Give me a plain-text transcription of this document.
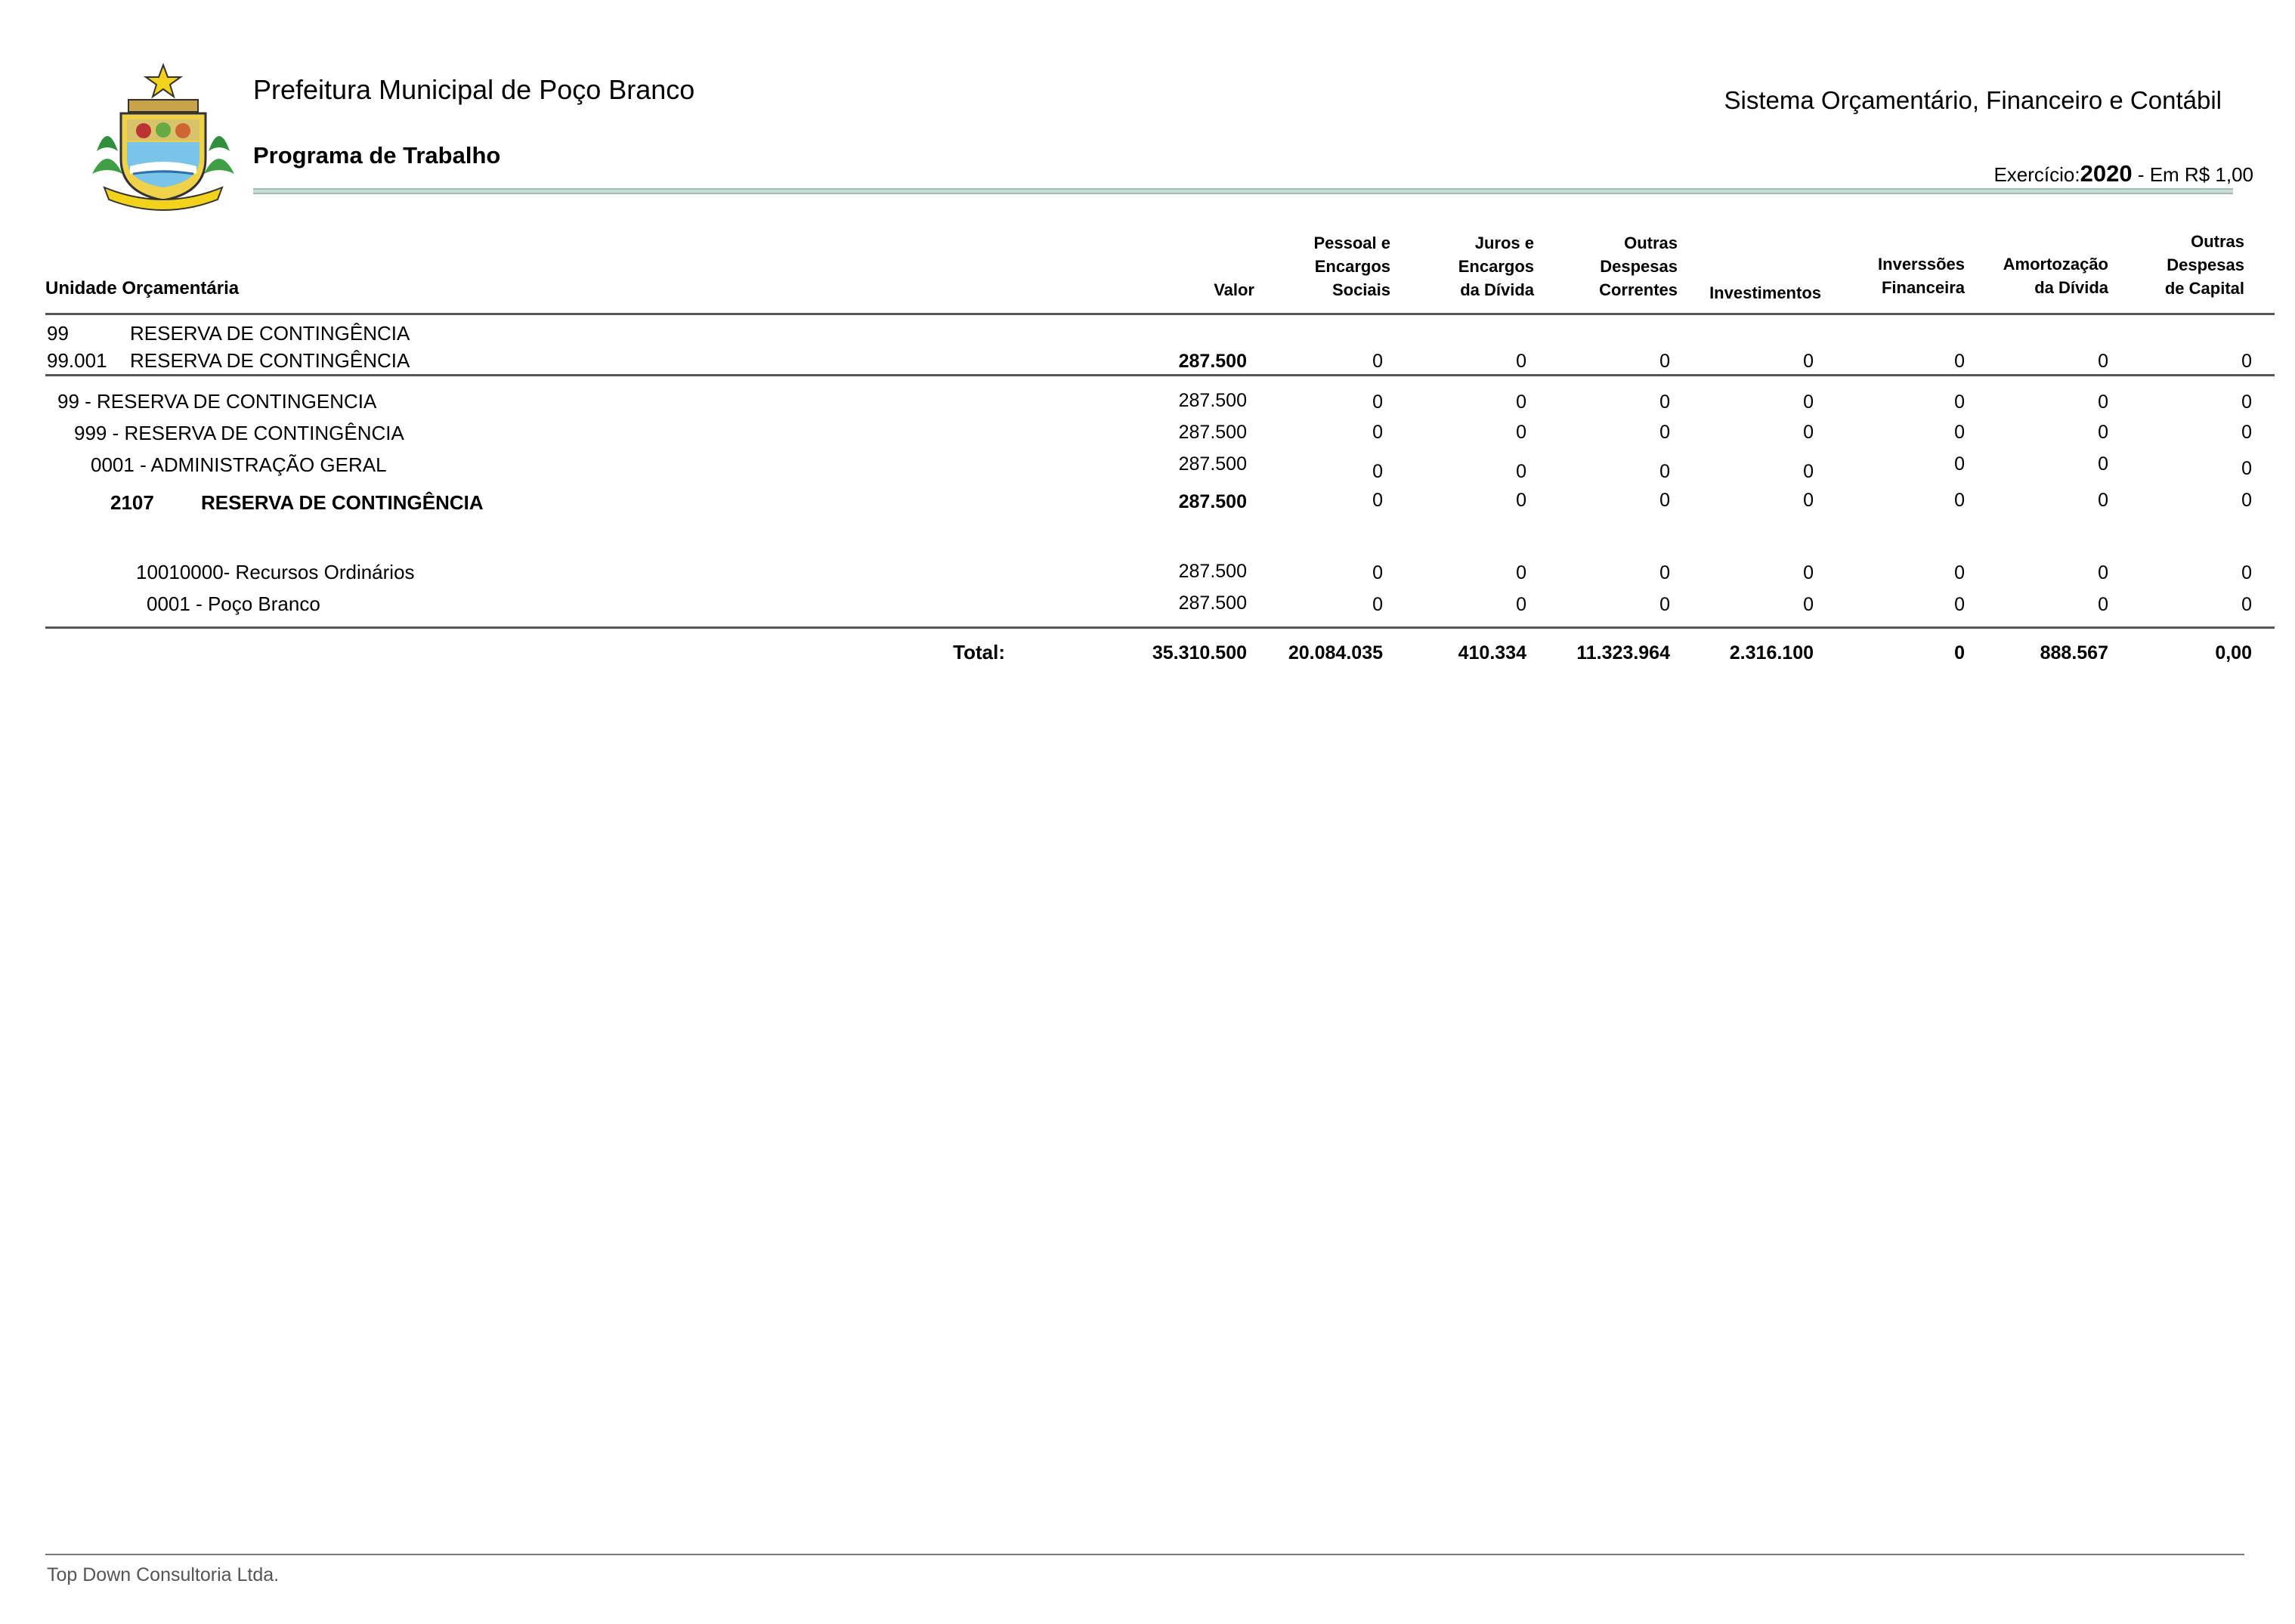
Prefeitura Municipal de Poço Branco
Programa de Trabalho
Sistema Orçamentário, Financeiro e Contábil
Exercício:2020 - Em R$ 1,00
Unidade Orçamentária	Valor
Pessoal e
Encargos
Sociais
Juros e
Encargos
da Dívida
Outras
Despesas
Correntes	Investimentos
Inverssões
Financeira
Amortozação
da Dívida
Outras
Despesas
de Capital
99	RESERVA DE CONTINGÊNCIA
99.001 RESERVA DE CONTINGÊNCIA	287.500	0	0	0	0	0	0	0
99 - RESERVA DE CONTINGENCIA	287.500	0	0	0	0	0	0	0
999 - RESERVA DE CONTINGÊNCIA	287.500	0	0	0	0	0	0	0
0001 - ADMINISTRAÇÃO GERAL	287.500	0	0	0	0	0	0	0
2107 RESERVA DE CONTINGÊNCIA	287.500	0	0	0	0	0	0	0
10010000- Recursos Ordinários	287.500	0	0	0	0	0	0	0
0001 - Poço Branco	287.500	0	0	0	0	0	0	0
Total:	35.310.500	20.084.035	410.334	11.323.964	2.316.100	0	888.567	0,00
Top Down Consultoria Ltda.
